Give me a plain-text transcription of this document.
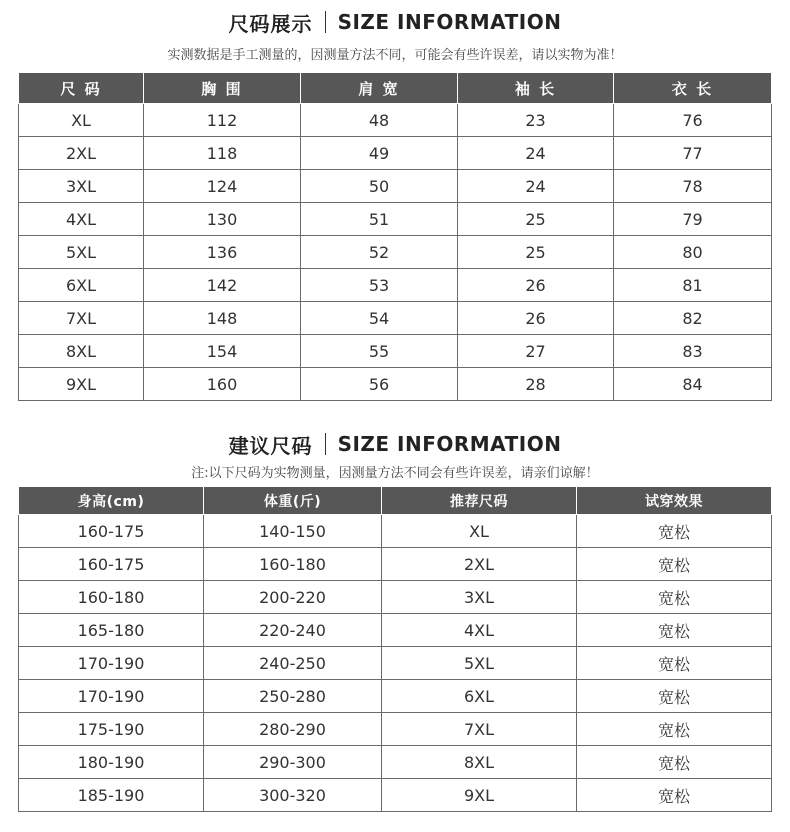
尺码展示 SIZE INFORMATION
实测数据是手工测量的，因测量方法不同，可能会有些许误差，请以实物为准！
尺 码	胸 围	肩 宽	袖 长	衣 长
XL	112	48	23	76
2XL	118	49	24	77
3XL	124	50	24	78
4XL	130	51	25	79
5XL	136	52	25	80
6XL	142	53	26	81
7XL	148	54	26	82
8XL	154	55	27	83
9XL	160	56	28	84
建议尺码 SIZE INFORMATION
注:以下尺码为实物测量，因测量方法不同会有些许误差，请亲们谅解！
身高(cm)	体重(斤)	推荐尺码	试穿效果
160-175	140-150	XL	宽松
160-175	160-180	2XL	宽松
160-180	200-220	3XL	宽松
165-180	220-240	4XL	宽松
170-190	240-250	5XL	宽松
170-190	250-280	6XL	宽松
175-190	280-290	7XL	宽松
180-190	290-300	8XL	宽松
185-190	300-320	9XL	宽松
